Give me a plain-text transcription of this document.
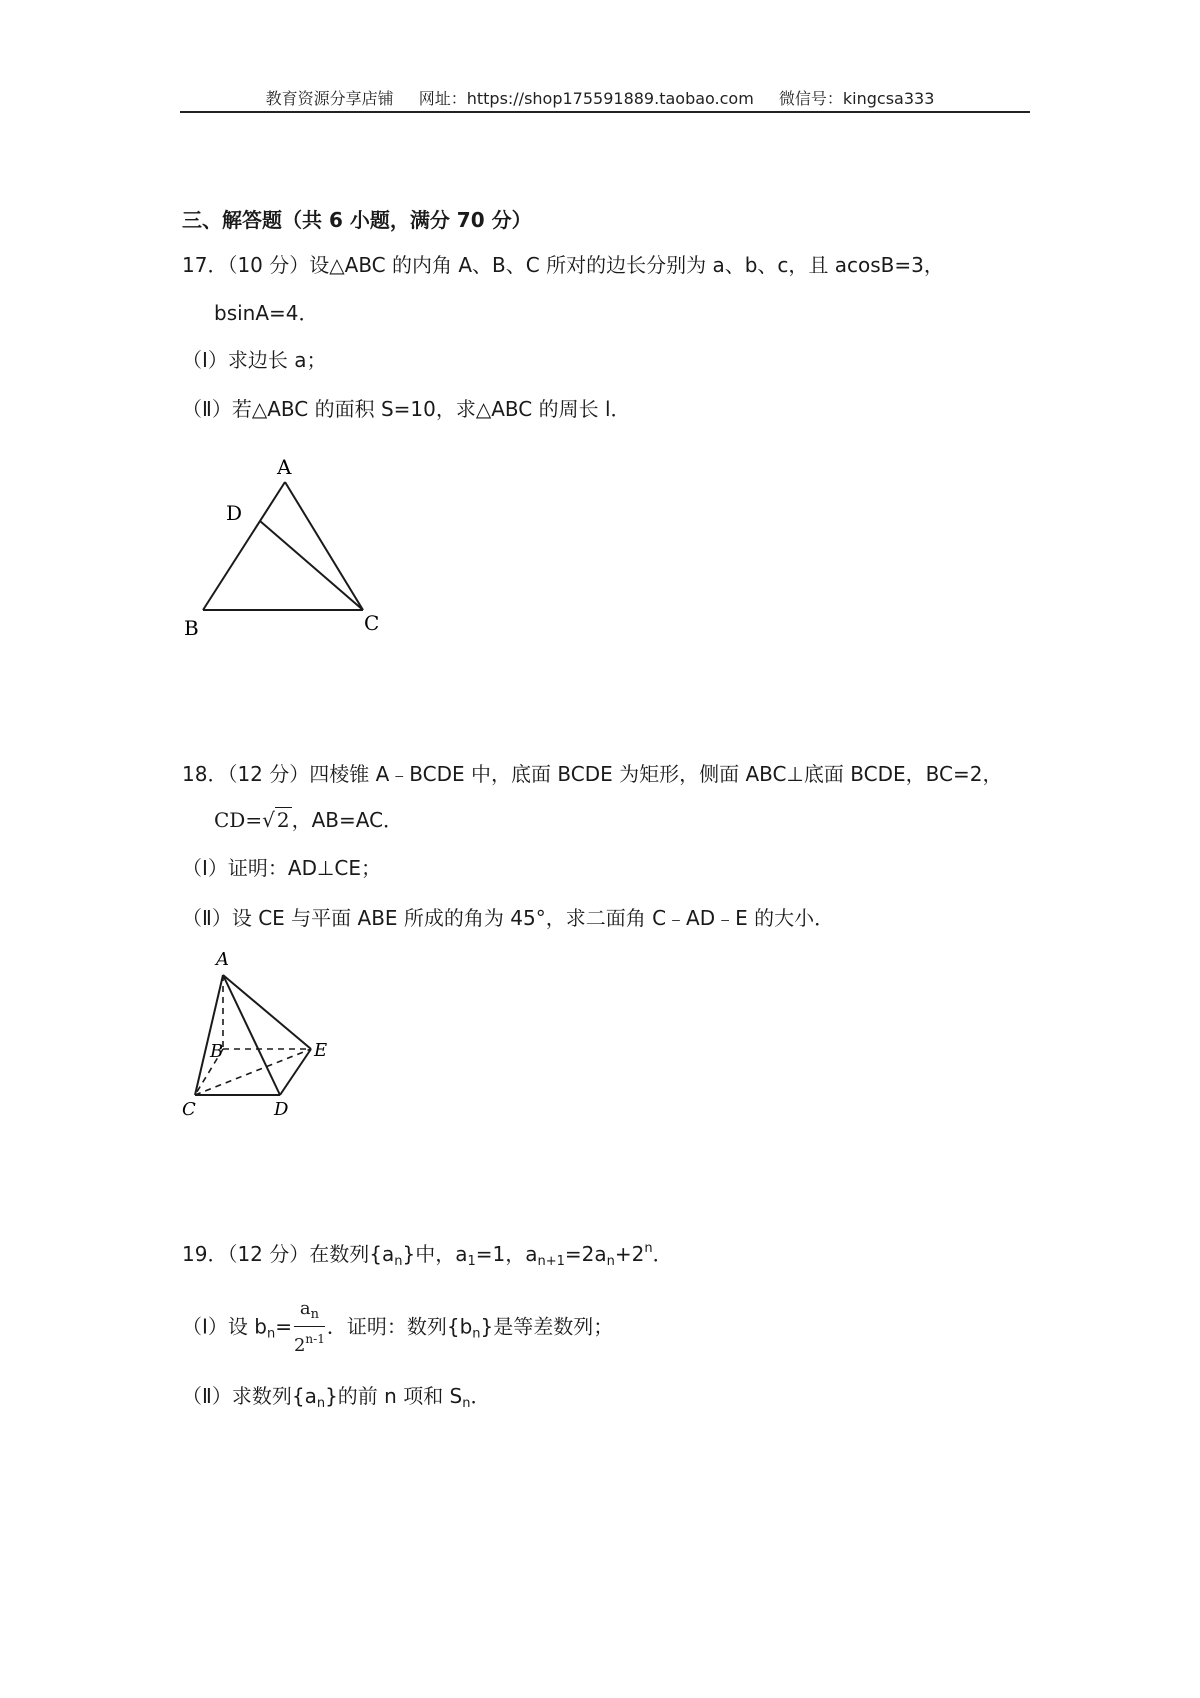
教育资源分享店铺 网址：https://shop175591889.taobao.com 微信号：kingcsa333
三、解答题（共 6 小题，满分 70 分）
17．（10 分）设△ABC 的内角 A、B、C 所对的边长分别为 a、b、c，且 acosB=3，
bsinA=4．
（Ⅰ）求边长 a；
（Ⅱ）若△ABC 的面积 S=10，求△ABC 的周长 l．
A
D
B	C
18．（12 分）四棱锥 A﹣BCDE 中，底面 BCDE 为矩形，侧面 ABC⊥底面 BCDE，BC=2，
CD=√ 2 ，AB=AC．
（Ⅰ）证明：AD⊥CE；
（Ⅱ）设 CE 与平面 ABE 所成的角为 45°，求二面角 C﹣AD﹣E 的大小．
A
B	E
C	D
19．（12 分）在数列$\{a_n\}$中，$a_1=1$，$a_{n+1}=2a_n+2^n$．
（Ⅰ）设 $b_n= \frac{a_n}{2^{n-1}}$ ．证明：数列$\{b_n\}$是等差数列；
（Ⅱ）求数列$\{a_n\}$的前 n 项和 $S_n$．
